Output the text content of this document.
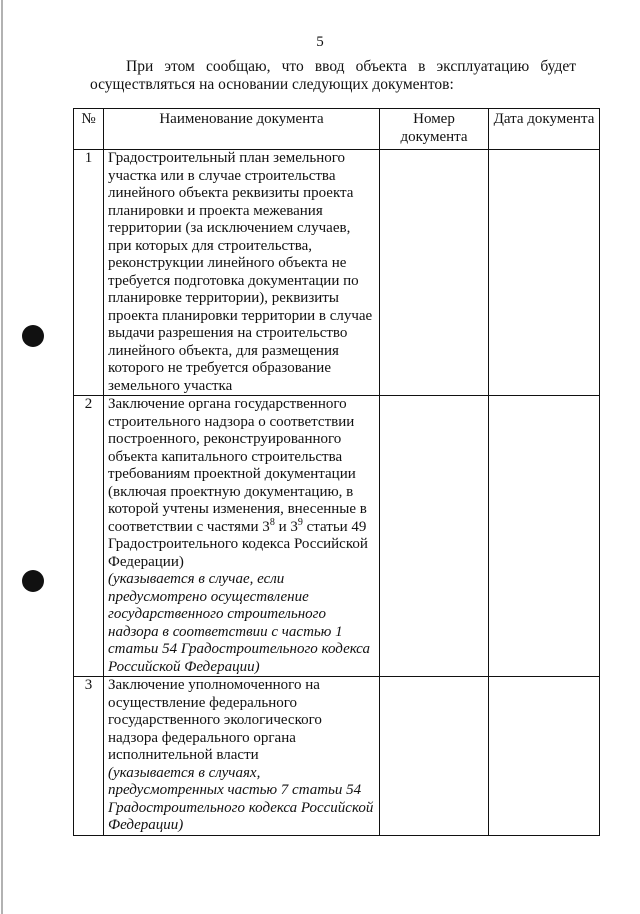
5

При этом сообщаю, что ввод объекта в эксплуатацию будет осуществляться на основании следующих документов:

№	Наименование документа	Номер документа	Дата документа
1	Градостроительный план земельного участка или в случае строительства линейного объекта реквизиты проекта планировки и проекта межевания территории (за исключением случаев, при которых для строительства, реконструкции линейного объекта не требуется подготовка документации по планировке территории), реквизиты проекта планировки территории в случае выдачи разрешения на строительство линейного объекта, для размещения которого не требуется образование земельного участка		
2	Заключение органа государственного строительного надзора о соответствии построенного, реконструированного объекта капитального строительства требованиям проектной документации (включая проектную документацию, в которой учтены изменения, внесенные в соответствии с частями $3^8$ и $3^9$ статьи 49 Градостроительного кодекса Российской Федерации)
(указывается в случае, если предусмотрено осуществление государственного строительного надзора в соответствии с частью 1 статьи 54 Градостроительного кодекса Российской Федерации)		
3	Заключение уполномоченного на осуществление федерального государственного экологического надзора федерального органа исполнительной власти
(указывается в случаях, предусмотренных частью 7 статьи 54 Градостроительного кодекса Российской Федерации)		
